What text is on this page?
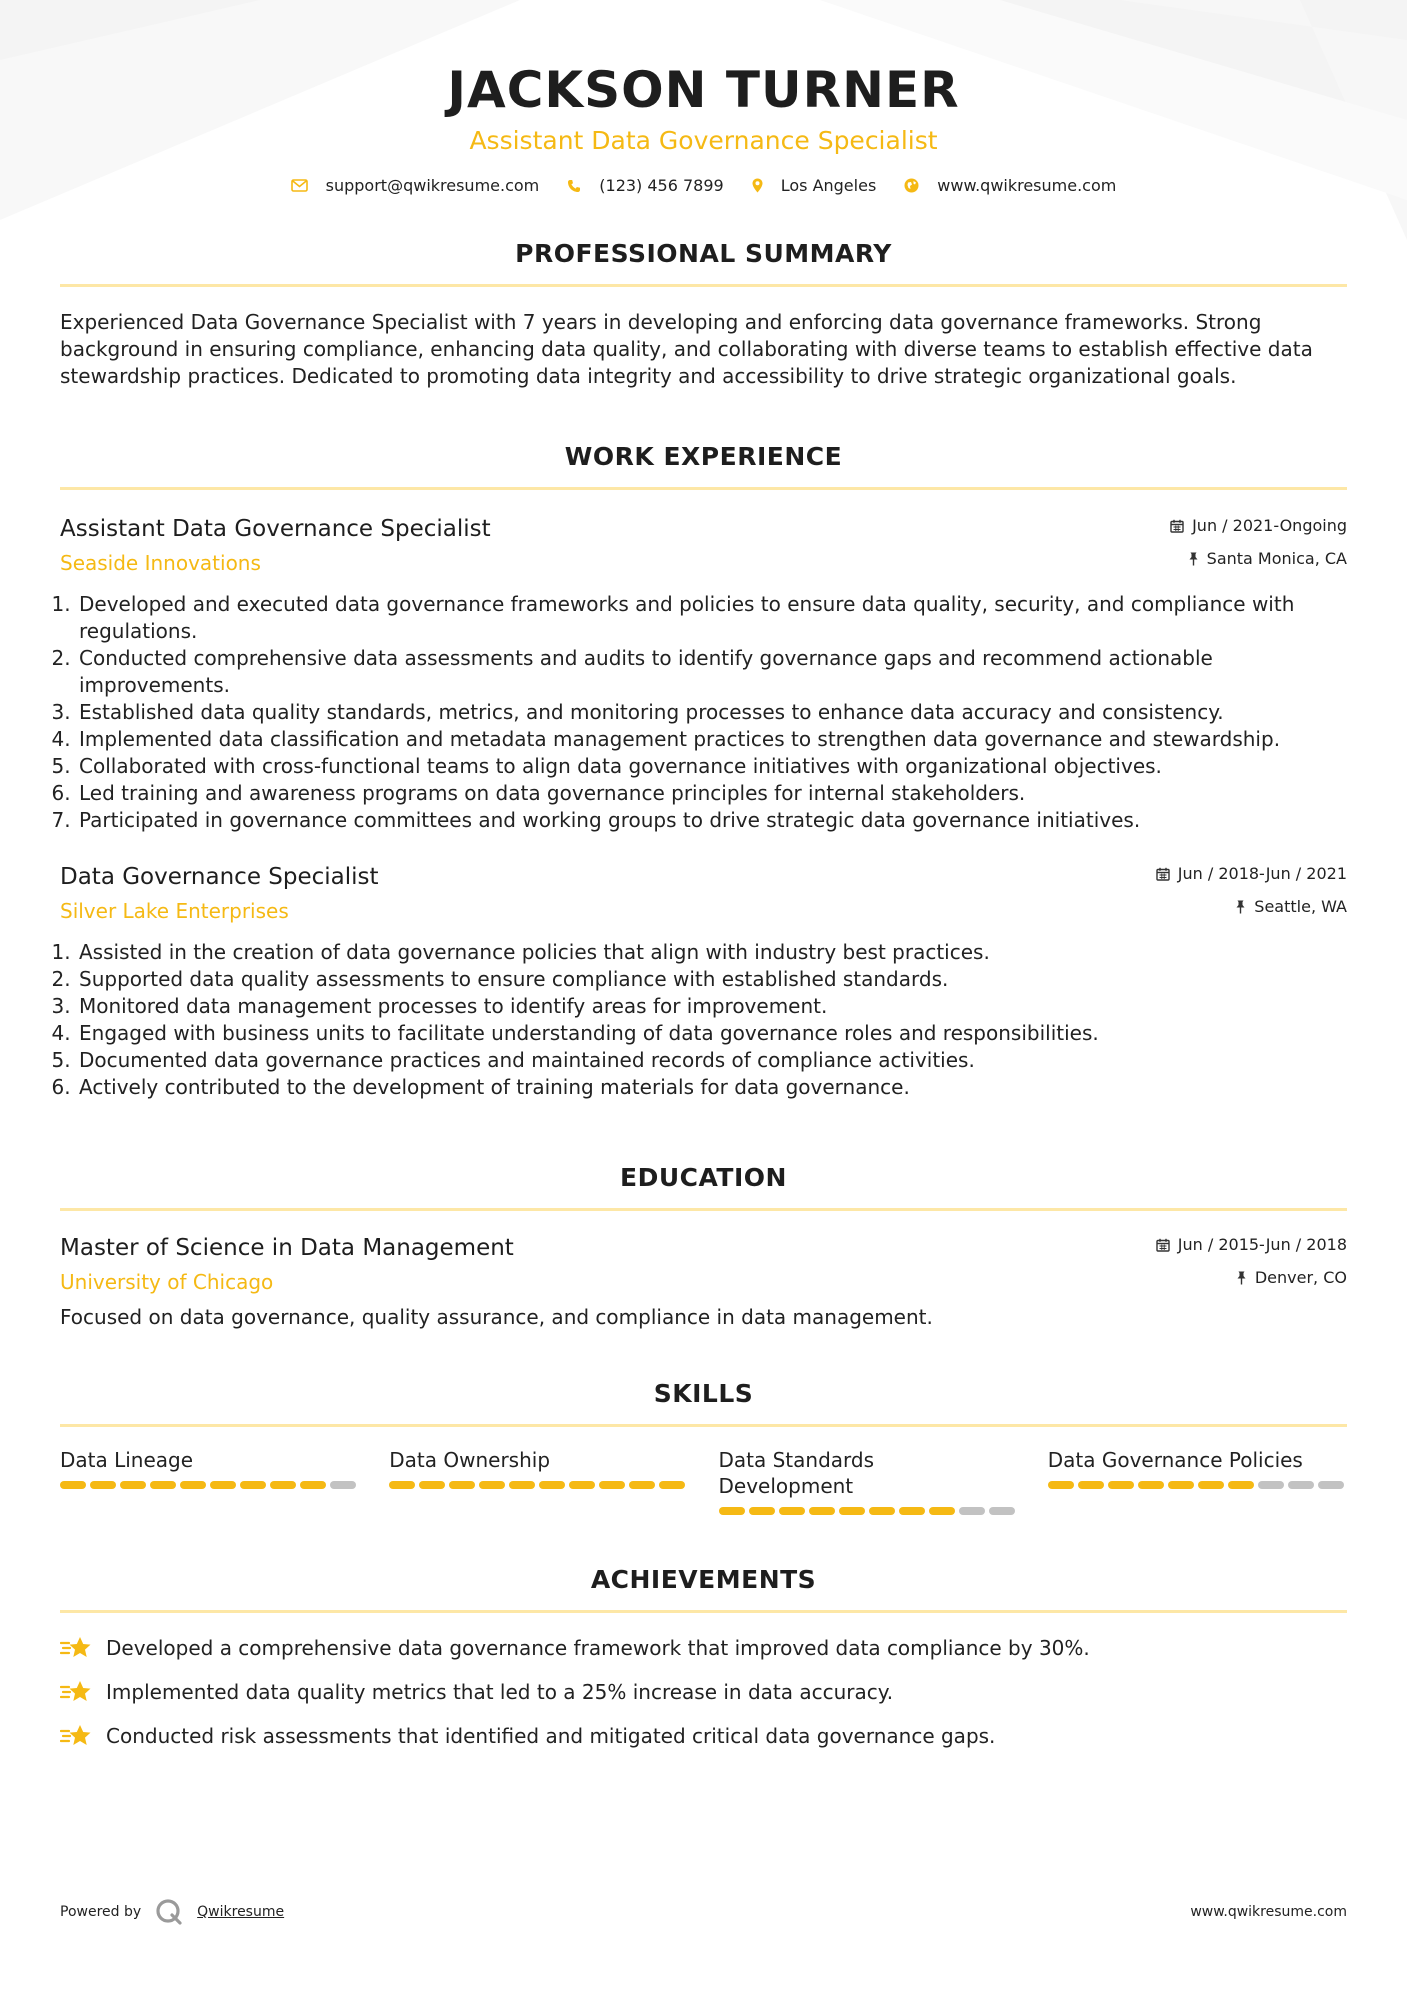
JACKSON TURNER
Assistant Data Governance Specialist
support@qwikresume.com	(123) 456 7899	Los Angeles	www.qwikresume.com
PROFESSIONAL SUMMARY
Experienced Data Governance Specialist with 7 years in developing and enforcing data governance frameworks. Strong background in ensuring compliance, enhancing data quality, and collaborating with diverse teams to establish effective data stewardship practices. Dedicated to promoting data integrity and accessibility to drive strategic organizational goals.
WORK EXPERIENCE
Assistant Data Governance Specialist
Seaside Innovations
Jun / 2021-Ongoing
Santa Monica, CA
1. Developed and executed data governance frameworks and policies to ensure data quality, security, and compliance with regulations.
2. Conducted comprehensive data assessments and audits to identify governance gaps and recommend actionable improvements.
3. Established data quality standards, metrics, and monitoring processes to enhance data accuracy and consistency.
4. Implemented data classification and metadata management practices to strengthen data governance and stewardship.
5. Collaborated with cross-functional teams to align data governance initiatives with organizational objectives.
6. Led training and awareness programs on data governance principles for internal stakeholders.
7. Participated in governance committees and working groups to drive strategic data governance initiatives.
Data Governance Specialist
Silver Lake Enterprises
Jun / 2018-Jun / 2021
Seattle, WA
1. Assisted in the creation of data governance policies that align with industry best practices.
2. Supported data quality assessments to ensure compliance with established standards.
3. Monitored data management processes to identify areas for improvement.
4. Engaged with business units to facilitate understanding of data governance roles and responsibilities.
5. Documented data governance practices and maintained records of compliance activities.
6. Actively contributed to the development of training materials for data governance.
EDUCATION
Master of Science in Data Management
University of Chicago
Jun / 2015-Jun / 2018
Denver, CO
Focused on data governance, quality assurance, and compliance in data management.
SKILLS
Data Lineage	Data Ownership	Data Standards Development
Data Governance Policies
ACHIEVEMENTS
Developed a comprehensive data governance framework that improved data compliance by 30%.
Implemented data quality metrics that led to a 25% increase in data accuracy.
Conducted risk assessments that identified and mitigated critical data governance gaps.
Powered by	Qwikresume	www.qwikresume.com
